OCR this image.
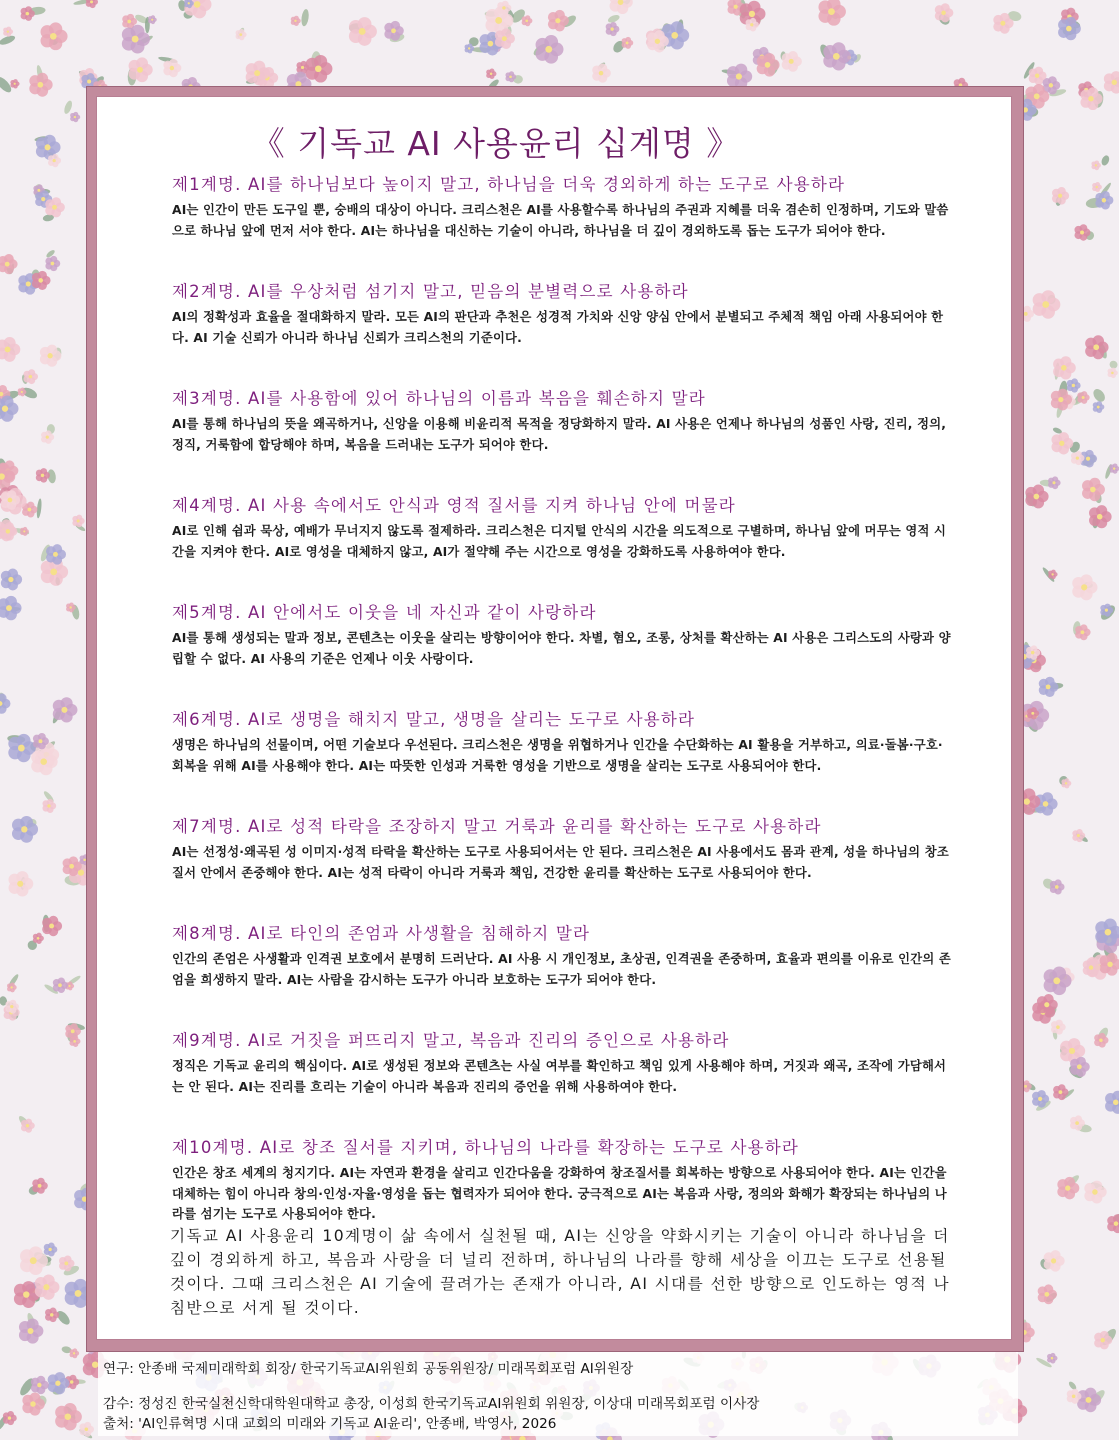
《 기독교 AI 사용윤리 십계명 》
제1계명. AI를 하나님보다 높이지 말고, 하나님을 더욱 경외하게 하는 도구로 사용하라

AI는 인간이 만든 도구일 뿐, 숭배의 대상이 아니다. 크리스천은 AI를 사용할수록 하나님의 주권과 지혜를 더욱 겸손히 인정하며, 기도와 말씀으로 하나님 앞에 먼저 서야 한다. AI는 하나님을 대신하는 기술이 아니라, 하나님을 더 깊이 경외하도록 돕는 도구가 되어야 한다.

제2계명. AI를 우상처럼 섬기지 말고, 믿음의 분별력으로 사용하라

AI의 정확성과 효율을 절대화하지 말라. 모든 AI의 판단과 추천은 성경적 가치와 신앙 양심 안에서 분별되고 주체적 책임 아래 사용되어야 한다. AI 기술 신뢰가 아니라 하나님 신뢰가 크리스천의 기준이다.

제3계명. AI를 사용함에 있어 하나님의 이름과 복음을 훼손하지 말라

AI를 통해 하나님의 뜻을 왜곡하거나, 신앙을 이용해 비윤리적 목적을 정당화하지 말라. AI 사용은 언제나 하나님의 성품인 사랑, 진리, 정의, 정직, 거룩함에 합당해야 하며, 복음을 드러내는 도구가 되어야 한다.

제4계명. AI 사용 속에서도 안식과 영적 질서를 지켜 하나님 안에 머물라

AI로 인해 쉼과 묵상, 예배가 무너지지 않도록 절제하라. 크리스천은 디지털 안식의 시간을 의도적으로 구별하며, 하나님 앞에 머무는 영적 시간을 지켜야 한다. AI로 영성을 대체하지 않고, AI가 절약해 주는 시간으로 영성을 강화하도록 사용하여야 한다.

제5계명. AI 안에서도 이웃을 네 자신과 같이 사랑하라

AI를 통해 생성되는 말과 정보, 콘텐츠는 이웃을 살리는 방향이어야 한다. 차별, 혐오, 조롱, 상처를 확산하는 AI 사용은 그리스도의 사랑과 양립할 수 없다. AI 사용의 기준은 언제나 이웃 사랑이다.

제6계명. AI로 생명을 해치지 말고, 생명을 살리는 도구로 사용하라

생명은 하나님의 선물이며, 어떤 기술보다 우선된다. 크리스천은 생명을 위협하거나 인간을 수단화하는 AI 활용을 거부하고, 의료·돌봄·구호·회복을 위해 AI를 사용해야 한다. AI는 따뜻한 인성과 거룩한 영성을 기반으로 생명을 살리는 도구로 사용되어야 한다.

제7계명. AI로 성적 타락을 조장하지 말고 거룩과 윤리를 확산하는 도구로 사용하라

AI는 선정성·왜곡된 성 이미지·성적 타락을 확산하는 도구로 사용되어서는 안 된다. 크리스천은 AI 사용에서도 몸과 관계, 성을 하나님의 창조 질서 안에서 존중해야 한다. AI는 성적 타락이 아니라 거룩과 책임, 건강한 윤리를 확산하는 도구로 사용되어야 한다.

제8계명. AI로 타인의 존엄과 사생활을 침해하지 말라

인간의 존엄은 사생활과 인격권 보호에서 분명히 드러난다. AI 사용 시 개인정보, 초상권, 인격권을 존중하며, 효율과 편의를 이유로 인간의 존엄을 희생하지 말라. AI는 사람을 감시하는 도구가 아니라 보호하는 도구가 되어야 한다.

제9계명. AI로 거짓을 퍼뜨리지 말고, 복음과 진리의 증인으로 사용하라

정직은 기독교 윤리의 핵심이다. AI로 생성된 정보와 콘텐츠는 사실 여부를 확인하고 책임 있게 사용해야 하며, 거짓과 왜곡, 조작에 가담해서는 안 된다. AI는 진리를 흐리는 기술이 아니라 복음과 진리의 증언을 위해 사용하여야 한다.

제10계명. AI로 창조 질서를 지키며, 하나님의 나라를 확장하는 도구로 사용하라

인간은 창조 세계의 청지기다. AI는 자연과 환경을 살리고 인간다움을 강화하여 창조질서를 회복하는 방향으로 사용되어야 한다. AI는 인간을 대체하는 힘이 아니라 창의·인성·자율·영성을 돕는 협력자가 되어야 한다. 궁극적으로 AI는 복음과 사랑, 정의와 화해가 확장되는 하나님의 나라를 섬기는 도구로 사용되어야 한다.

기독교 AI 사용윤리 10계명이 삶 속에서 실천될 때, AI는 신앙을 약화시키는 기술이 아니라 하나님을 더 깊이 경외하게 하고, 복음과 사랑을 더 널리 전하며, 하나님의 나라를 향해 세상을 이끄는 도구로 선용될 것이다. 그때 크리스천은 AI 기술에 끌려가는 존재가 아니라, AI 시대를 선한 방향으로 인도하는 영적 나침반으로 서게 될 것이다.
연구: 안종배 국제미래학회 회장/ 한국기독교AI위원회 공동위원장/ 미래목회포럼 AI위원장
감수: 정성진 한국실천신학대학원대학교 총장, 이성희 한국기독교AI위원회 위원장, 이상대 미래목회포럼 이사장
출처: 'AI인류혁명 시대 교회의 미래와 기독교 AI윤리', 안종배, 박영사, 2026
